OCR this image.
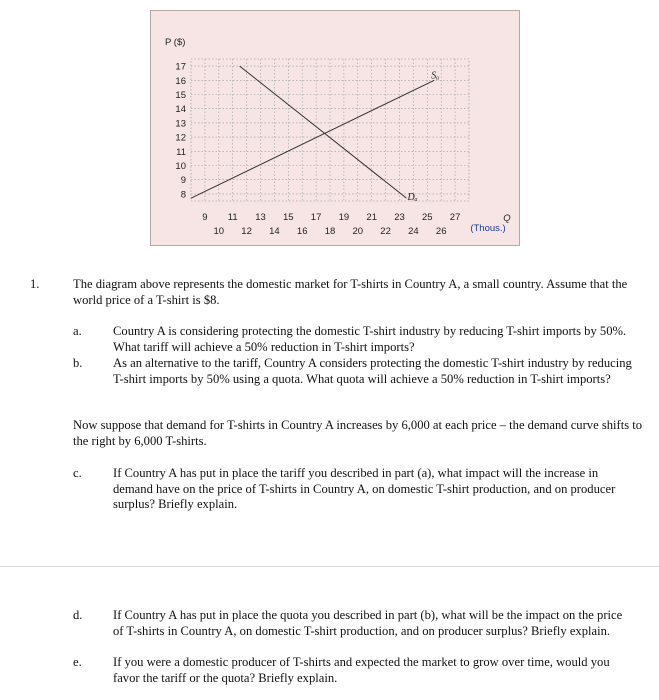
P ($)
17
16
15
14
13
12
11
10
9
8
9 11 13 15 17 19 21 23 25 27
10 12 14 16 18 20 22 24 26
Sₐ
Dₐ
Q
(Thous.)
1.	The diagram above represents the domestic market for T-shirts in Country A, a small country. Assume that the world price of a T-shirt is $8.
a. Country A is considering protecting the domestic T-shirt industry by reducing T-shirt imports by 50%. What tariff will achieve a 50% reduction in T-shirt imports?
b. As an alternative to the tariff, Country A considers protecting the domestic T-shirt industry by reducing T-shirt imports by 50% using a quota. What quota will achieve a 50% reduction in T-shirt imports?
Now suppose that demand for T-shirts in Country A increases by 6,000 at each price – the demand curve shifts to the right by 6,000 T-shirts.
c. If Country A has put in place the tariff you described in part (a), what impact will the increase in demand have on the price of T-shirts in Country A, on domestic T-shirt production, and on producer surplus? Briefly explain.
d. If Country A has put in place the quota you described in part (b), what will be the impact on the price of T-shirts in Country A, on domestic T-shirt production, and on producer surplus? Briefly explain.
e. If you were a domestic producer of T-shirts and expected the market to grow over time, would you favor the tariff or the quota? Briefly explain.
